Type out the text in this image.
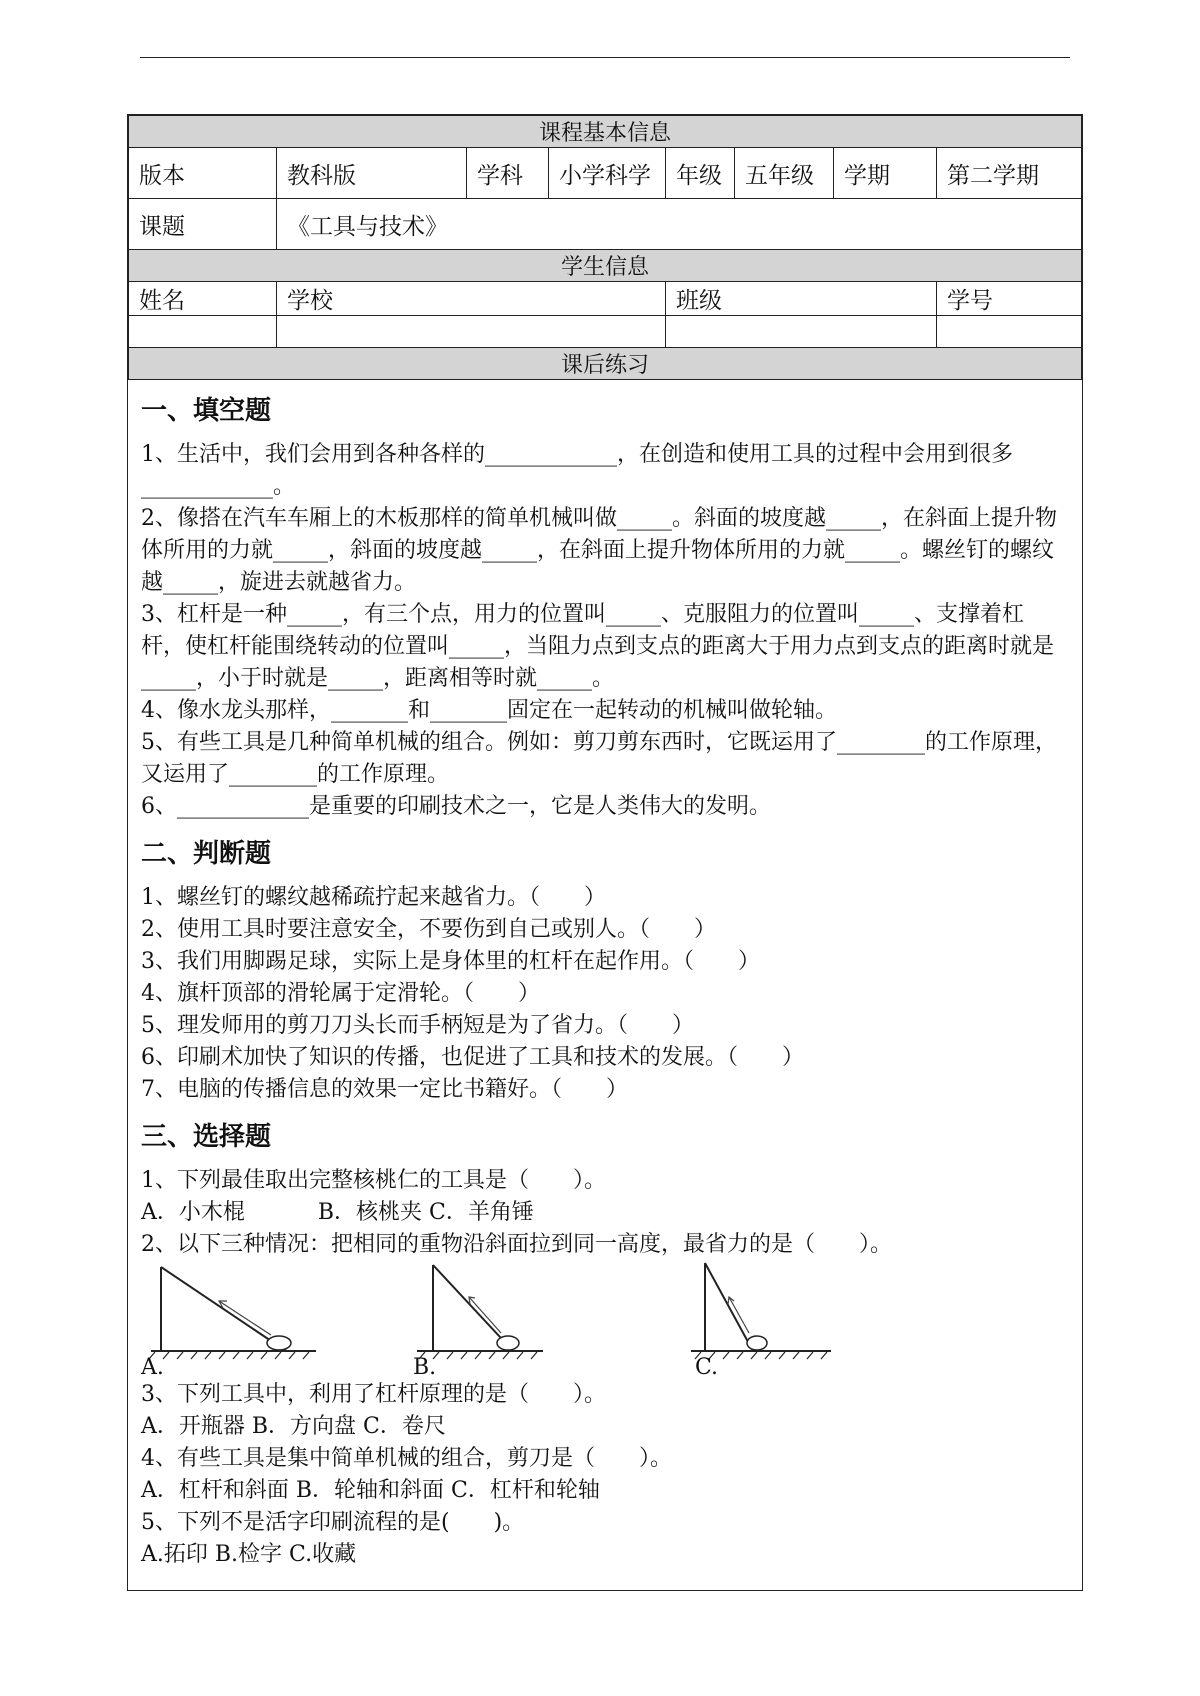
课程基本信息							
版本	教科版	学科	小学科学	年级	五年级	学期	第二学期
课题	《工具与技术》						
学生信息							
姓名	学校			班级			学号

课后练习							
一、填空题

1、生活中，我们会用到各种各样的____________，在创造和使用工具的过程中会用到很多____________。

2、像搭在汽车车厢上的木板那样的简单机械叫做_____。斜面的坡度越_____，在斜面上提升物体所用的力就_____，斜面的坡度越_____，在斜面上提升物体所用的力就_____。螺丝钉的螺纹越_____，旋进去就越省力。

3、杠杆是一种_____，有三个点，用力的位置叫_____、克服阻力的位置叫_____、支撑着杠杆，使杠杆能围绕转动的位置叫_____，当阻力点到支点的距离大于用力点到支点的距离时就是_____，小于时就是_____，距离相等时就_____。

4、像水龙头那样，_______和_______固定在一起转动的机械叫做轮轴。

5、有些工具是几种简单机械的组合。例如：剪刀剪东西时，它既运用了________的工作原理，又运用了________的工作原理。

6、____________是重要的印刷技术之一，它是人类伟大的发明。

二、判断题

1、螺丝钉的螺纹越稀疏拧起来越省力。（　　）

2、使用工具时要注意安全，不要伤到自己或别人。（　　）

3、我们用脚踢足球，实际上是身体里的杠杆在起作用。（　　）

4、旗杆顶部的滑轮属于定滑轮。（　　）

5、理发师用的剪刀刀头长而手柄短是为了省力。（　　）

6、印刷术加快了知识的传播，也促进了工具和技术的发展。（　　）

7、电脑的传播信息的效果一定比书籍好。（　　）

三、选择题

1、下列最佳取出完整核桃仁的工具是（　　）。

A．小木棍　　　 B．核桃夹 C．羊角锤

2、以下三种情况：把相同的重物沿斜面拉到同一高度，最省力的是（　　）。

A.	B.	C.

3、下列工具中，利用了杠杆原理的是（　　）。

A．开瓶器 B．方向盘 C．卷尺

4、有些工具是集中简单机械的组合，剪刀是（　　）。

A．杠杆和斜面 B．轮轴和斜面 C．杠杆和轮轴

5、下列不是活字印刷流程的是(　　)。

A.拓印 B.检字 C.收藏
